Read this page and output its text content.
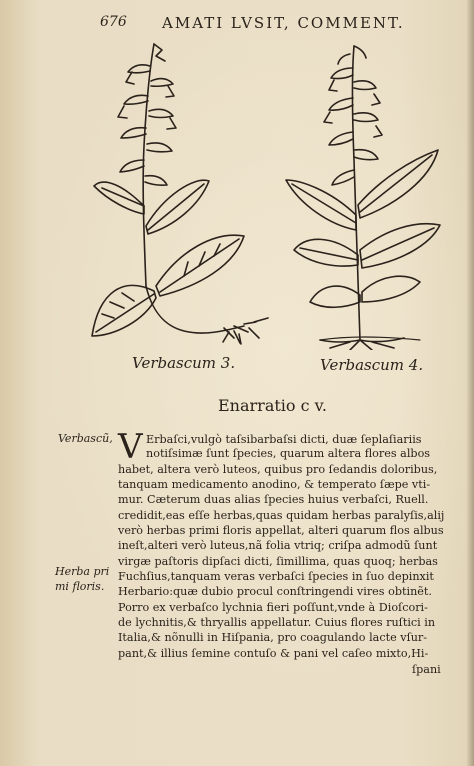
676 AMATI LVSIT, COMMENT.
Verbascum 3.	Verbascum 4.
Enarratio c v.
Verbascũ,
Herba pri
mi floris.
V Erbaſci,vulgò taſsibarbaſsi dicti, duæ ſeplaſiariis
notiſsimæ ſunt ſpecies, quarum altera flores albos
habet, altera verò luteos, quibus pro ſedandis doloribus,
tanquam medicamento anodino, & temperato ſæpe vti-
mur. Cæterum duas alias ſpecies huius verbaſci, Ruell.
credidit,eas eſſe herbas,quas quidam herbas paralyſis,alij
verò herbas primi floris appellat, alteri quarum flos albus
ineſt,alteri verò luteus,nã folia vtriq; criſpa admodũ ſunt
virgæ paſtoris dipſaci dicti, ſimillima, quas quoq; herbas
Fuchſius,tanquam veras verbaſci ſpecies in ſuo depinxit
Herbario:quæ dubio procul conſtringendi vires obtinẽt.
Porro ex verbaſco lychnia fieri poſſunt,vnde à Dioſcori-
de lychnitis,& thryallis appellatur. Cuius flores ruſtici in
Italia,& nõnulli in Hiſpania, pro coagulando lacte vſur-
pant,& illius ſemine contuſo & pani vel caſeo mixto,Hi-
ſpani
